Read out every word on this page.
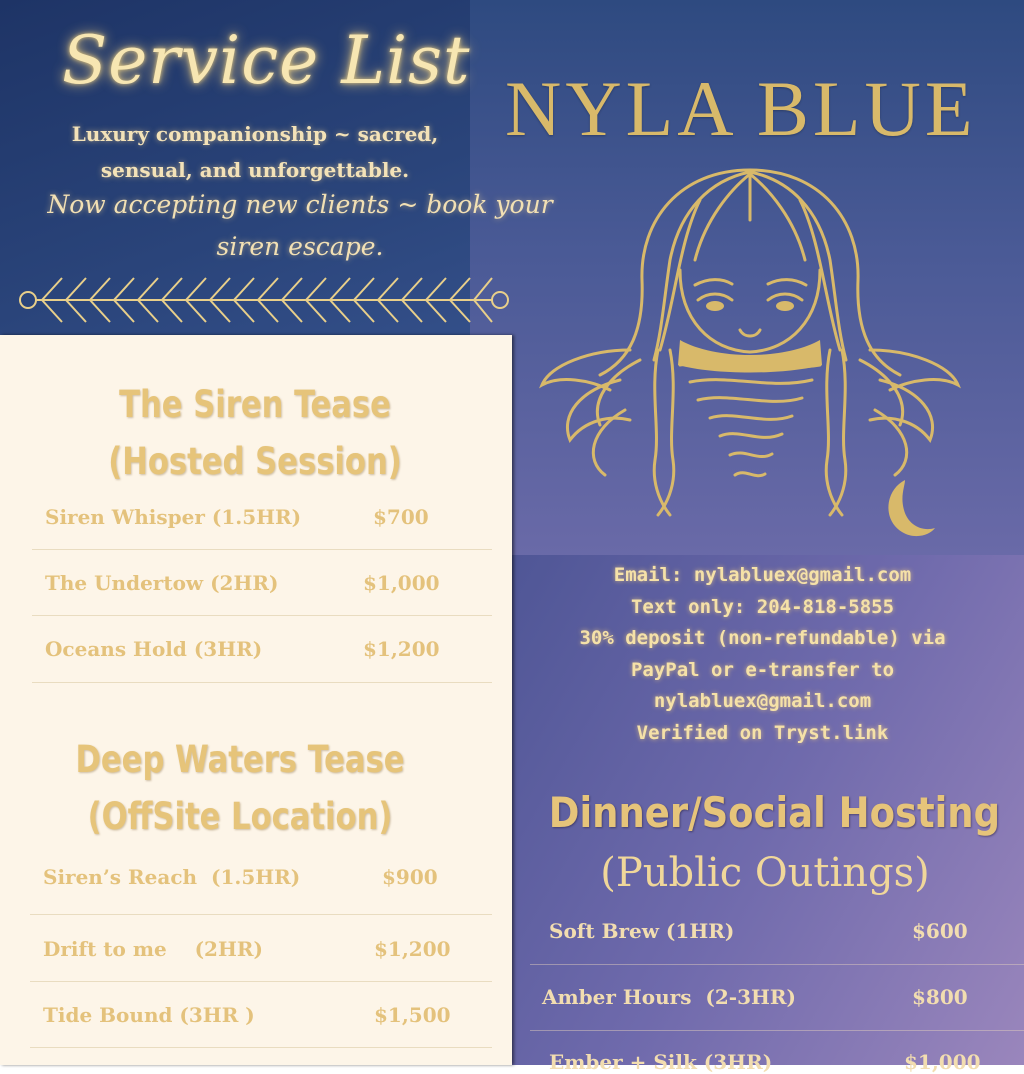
Service List
Luxury companionship ~ sacred, sensual, and unforgettable.
Now accepting new clients ~ book your siren escape.
NYLA BLUE
Email: nylabluex@gmail.com
Text only: 204-818-5855
30% deposit (non-refundable) via
PayPal or e-transfer to
nylabluex@gmail.com
Verified on Tryst.link
The Siren Tease
(Hosted Session)
Siren Whisper (1.5HR)	$700
The Undertow (2HR)	$1,000
Oceans Hold (3HR)	$1,200
Deep Waters Tease
(OffSite Location)
Siren’s Reach  (1.5HR)	$900
Drift to me    (2HR)	$1,200
Tide Bound (3HR )	$1,500
Dinner/Social Hosting
(Public Outings)
Soft Brew (1HR)	$600
Amber Hours  (2-3HR)	$800
Ember + Silk (3HR)	$1,000
